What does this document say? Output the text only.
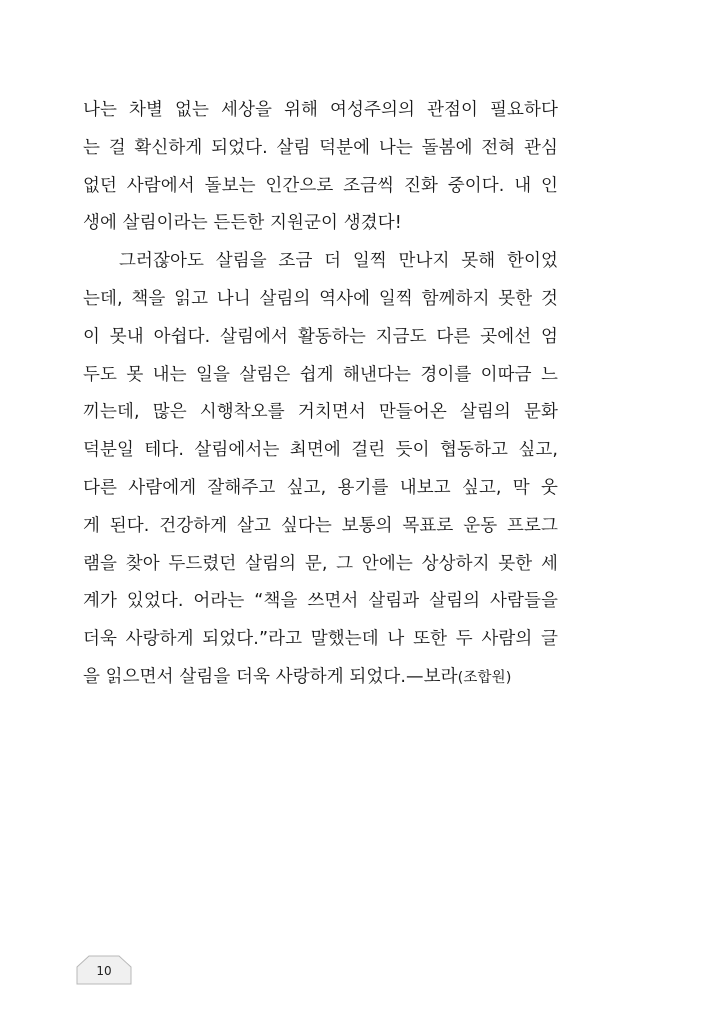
나는 차별 없는 세상을 위해 여성주의의 관점이 필요하다
는 걸 확신하게 되었다. 살림 덕분에 나는 돌봄에 전혀 관심
없던 사람에서 돌보는 인간으로 조금씩 진화 중이다. 내 인
생에 살림이라는 든든한 지원군이 생겼다!
그러잖아도 살림을 조금 더 일찍 만나지 못해 한이었
는데, 책을 읽고 나니 살림의 역사에 일찍 함께하지 못한 것
이 못내 아쉽다. 살림에서 활동하는 지금도 다른 곳에선 엄
두도 못 내는 일을 살림은 쉽게 해낸다는 경이를 이따금 느
끼는데, 많은 시행착오를 거치면서 만들어온 살림의 문화
덕분일 테다. 살림에서는 최면에 걸린 듯이 협동하고 싶고,
다른 사람에게 잘해주고 싶고, 용기를 내보고 싶고, 막 웃
게 된다. 건강하게 살고 싶다는 보통의 목표로 운동 프로그
램을 찾아 두드렸던 살림의 문, 그 안에는 상상하지 못한 세
계가 있었다. 어라는 “책을 쓰면서 살림과 살림의 사람들을
더욱 사랑하게 되었다.”라고 말했는데 나 또한 두 사람의 글
을 읽으면서 살림을 더욱 사랑하게 되었다.—보라(조합원)
10
